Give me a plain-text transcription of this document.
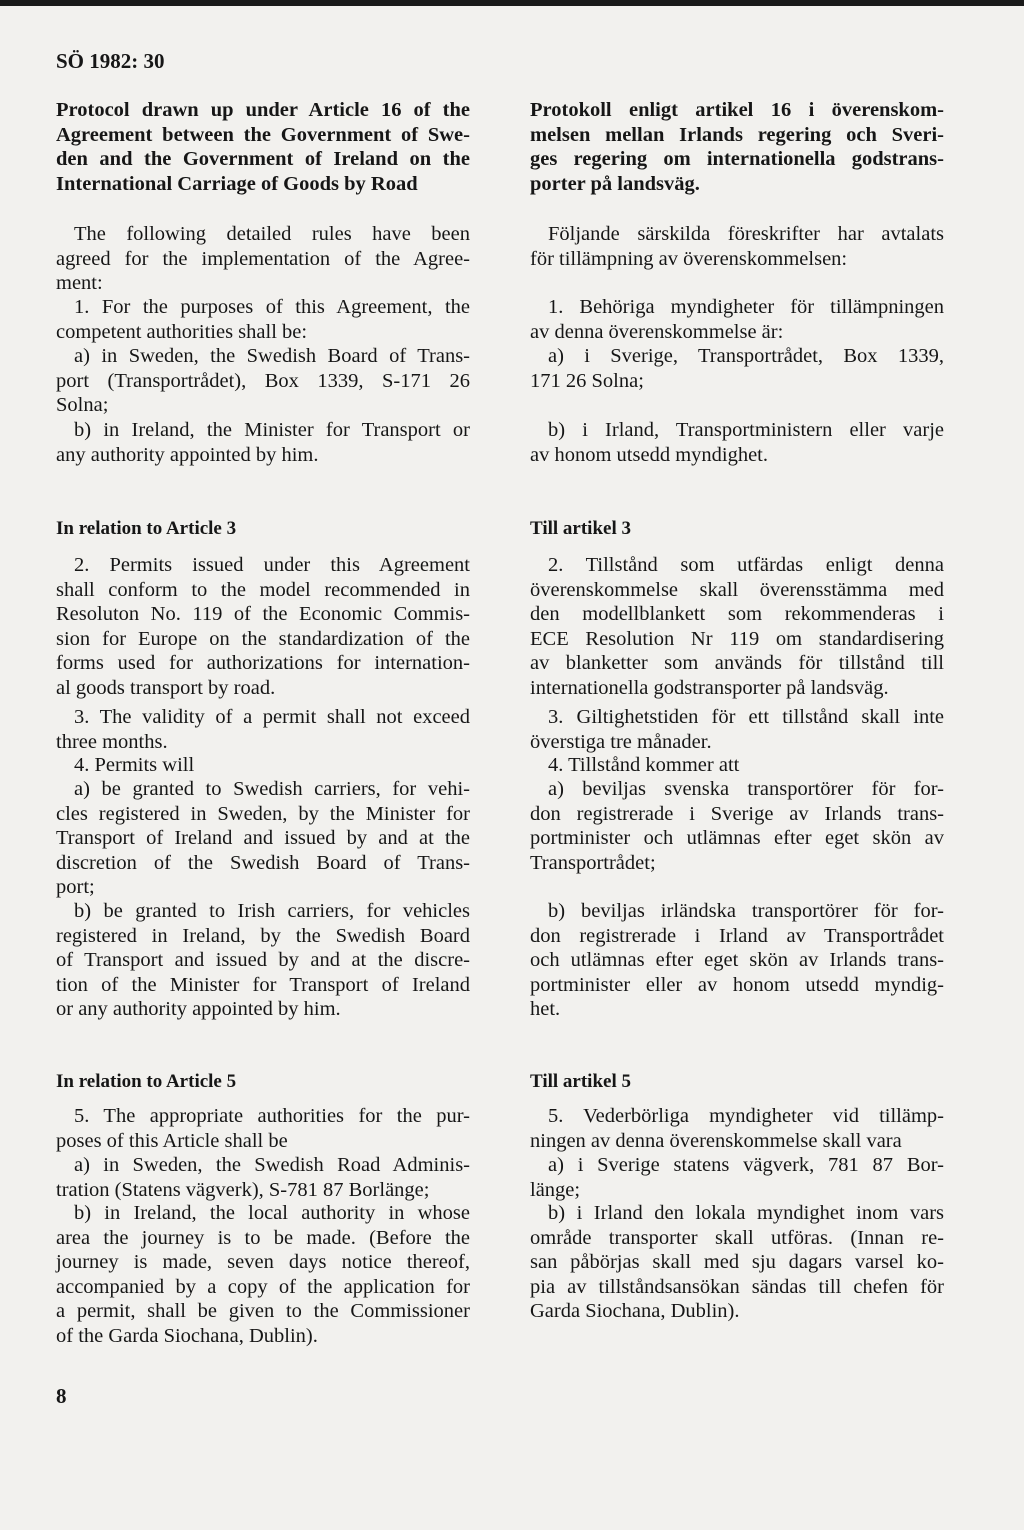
SÖ 1982: 30
Protocol drawn up under Article 16 of the
Agreement between the Government of Swe-
den and the Government of Ireland on the
International Carriage of Goods by Road
The following detailed rules have been
agreed for the implementation of the Agree-
ment:
1. For the purposes of this Agreement, the
competent authorities shall be:
a) in Sweden, the Swedish Board of Trans-
port (Transportrådet), Box 1339, S-171 26
Solna;
b) in Ireland, the Minister for Transport or
any authority appointed by him.
In relation to Article 3
2. Permits issued under this Agreement
shall conform to the model recommended in
Resoluton No. 119 of the Economic Commis-
sion for Europe on the standardization of the
forms used for authorizations for internation-
al goods transport by road.
3. The validity of a permit shall not exceed
three months.
4. Permits will
a) be granted to Swedish carriers, for vehi-
cles registered in Sweden, by the Minister for
Transport of Ireland and issued by and at the
discretion of the Swedish Board of Trans-
port;
b) be granted to Irish carriers, for vehicles
registered in Ireland, by the Swedish Board
of Transport and issued by and at the discre-
tion of the Minister for Transport of Ireland
or any authority appointed by him.
In relation to Article 5
5. The appropriate authorities for the pur-
poses of this Article shall be
a) in Sweden, the Swedish Road Adminis-
tration (Statens vägverk), S-781 87 Borlänge;
b) in Ireland, the local authority in whose
area the journey is to be made. (Before the
journey is made, seven days notice thereof,
accompanied by a copy of the application for
a permit, shall be given to the Commissioner
of the Garda Siochana, Dublin).
Protokoll enligt artikel 16 i överenskom-
melsen mellan Irlands regering och Sveri-
ges regering om internationella godstrans-
porter på landsväg.
Följande särskilda föreskrifter har avtalats
för tillämpning av överenskommelsen:
1. Behöriga myndigheter för tillämpningen
av denna överenskommelse är:
a) i Sverige, Transportrådet, Box 1339,
171 26 Solna;
b) i Irland, Transportministern eller varje
av honom utsedd myndighet.
Till artikel 3
2. Tillstånd som utfärdas enligt denna
överenskommelse skall överensstämma med
den modellblankett som rekommenderas i
ECE Resolution Nr 119 om standardisering
av blanketter som används för tillstånd till
internationella godstransporter på landsväg.
3. Giltighetstiden för ett tillstånd skall inte
överstiga tre månader.
4. Tillstånd kommer att
a) beviljas svenska transportörer för for-
don registrerade i Sverige av Irlands trans-
portminister och utlämnas efter eget skön av
Transportrådet;
b) beviljas irländska transportörer för for-
don registrerade i Irland av Transportrådet
och utlämnas efter eget skön av Irlands trans-
portminister eller av honom utsedd myndig-
het.
Till artikel 5
5. Vederbörliga myndigheter vid tillämp-
ningen av denna överenskommelse skall vara
a) i Sverige statens vägverk, 781 87 Bor-
länge;
b) i Irland den lokala myndighet inom vars
område transporter skall utföras. (Innan re-
san påbörjas skall med sju dagars varsel ko-
pia av tillståndsansökan sändas till chefen för
Garda Siochana, Dublin).
8
